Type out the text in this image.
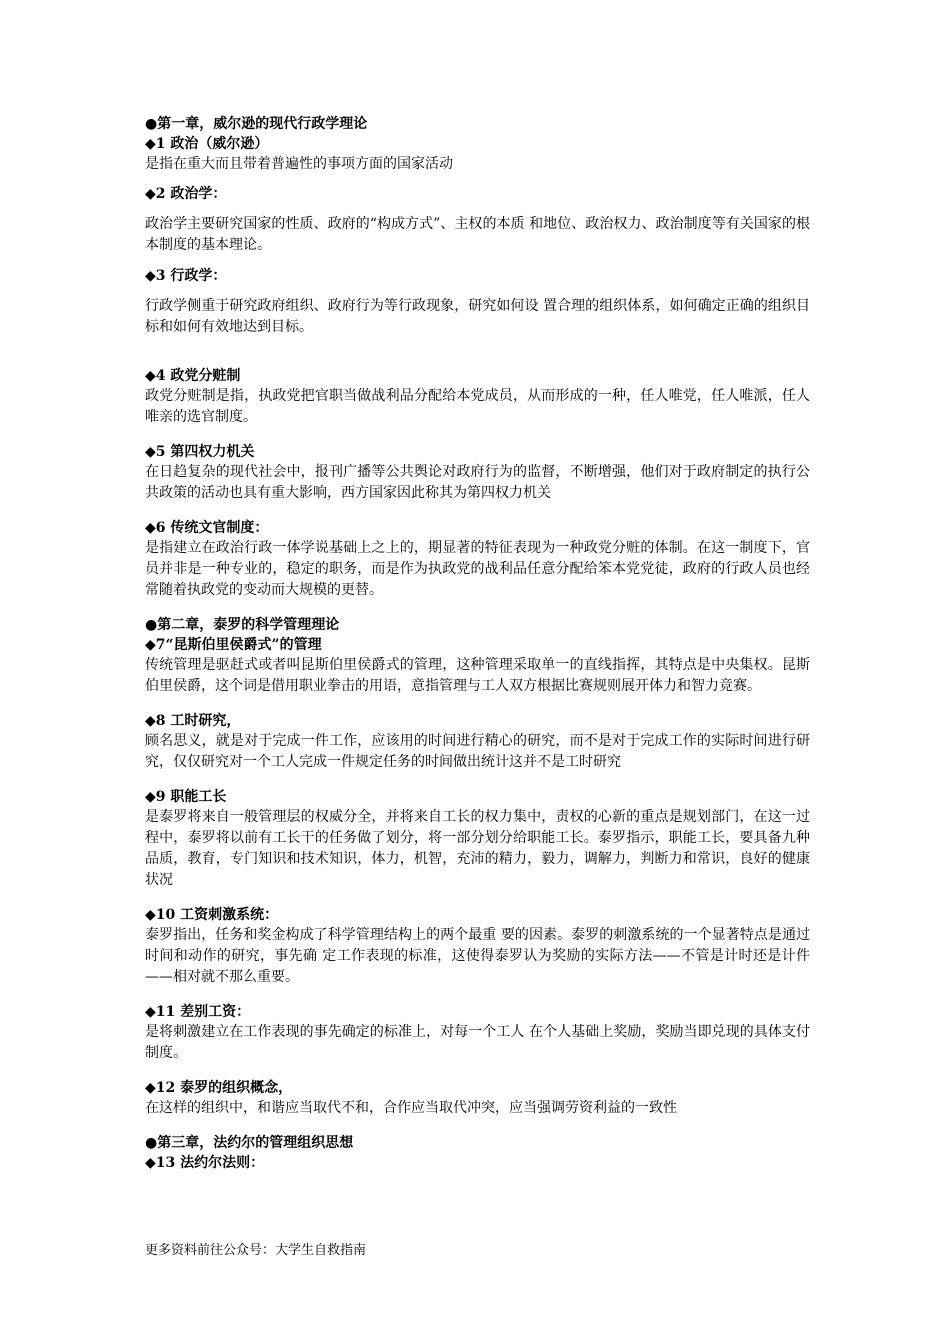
●第一章，威尔逊的现代行政学理论
◆1 政治（威尔逊）
是指在重大而且带着普遍性的事项方面的国家活动
◆2 政治学：

政治学主要研究国家的性质、政府的“构成方式”、主权的本质 和地位、政治权力、政治制度等有关国家的根本制度的基本理论。

◆3 行政学：

行政学侧重于研究政府组织、政府行为等行政现象，研究如何设 置合理的组织体系，如何确定正确的组织目标和如何有效地达到目标。

◆4 政党分赃制

政党分赃制是指，执政党把官职当做战利品分配给本党成员，从而形成的一种，任人唯党，任人唯派，任人唯亲的选官制度。

◆5 第四权力机关

在日趋复杂的现代社会中，报刊广播等公共舆论对政府行为的监督，不断增强，他们对于政府制定的执行公共政策的活动也具有重大影响，西方国家因此称其为第四权力机关

◆6 传统文官制度：

是指建立在政治行政一体学说基础上之上的，期显著的特征表现为一种政党分赃的体制。在这一制度下，官员并非是一种专业的，稳定的职务，而是作为执政党的战利品任意分配给笨本党党徒，政府的行政人员也经常随着执政党的变动而大规模的更替。

●第二章，泰罗的科学管理理论
◆7“昆斯伯里侯爵式”的管理

传统管理是驱赶式或者叫昆斯伯里侯爵式的管理，这种管理采取单一的直线指挥，其特点是中央集权。昆斯伯里侯爵，这个词是借用职业拳击的用语，意指管理与工人双方根据比赛规则展开体力和智力竞赛。

◆8 工时研究，

顾名思义，就是对于完成一件工作，应该用的时间进行精心的研究，而不是对于完成工作的实际时间进行研究，仅仅研究对一个工人完成一件规定任务的时间做出统计这并不是工时研究

◆9 职能工长

是泰罗将来自一般管理层的权威分全，并将来自工长的权力集中，责权的心新的重点是规划部门，在这一过程中，泰罗将以前有工长干的任务做了划分，将一部分划分给职能工长。泰罗指示，职能工长，要具备九种品质，教育，专门知识和技术知识，体力，机智，充沛的精力，毅力，调解力，判断力和常识，良好的健康状况

◆10 工资刺激系统：

泰罗指出，任务和奖金构成了科学管理结构上的两个最重 要的因素。泰罗的刺激系统的一个显著特点是通过时间和动作的研究，事先确 定工作表现的标准，这使得泰罗认为奖励的实际方法——不管是计时还是计件 ——相对就不那么重要。

◆11 差别工资：

是将刺激建立在工作表现的事先确定的标准上，对每一个工人 在个人基础上奖励，奖励当即兑现的具体支付制度。

◆12 泰罗的组织概念，

在这样的组织中，和谐应当取代不和，合作应当取代冲突，应当强调劳资利益的一致性

●第三章，法约尔的管理组织思想
◆13 法约尔法则：
更多资料前往公众号：大学生自救指南
